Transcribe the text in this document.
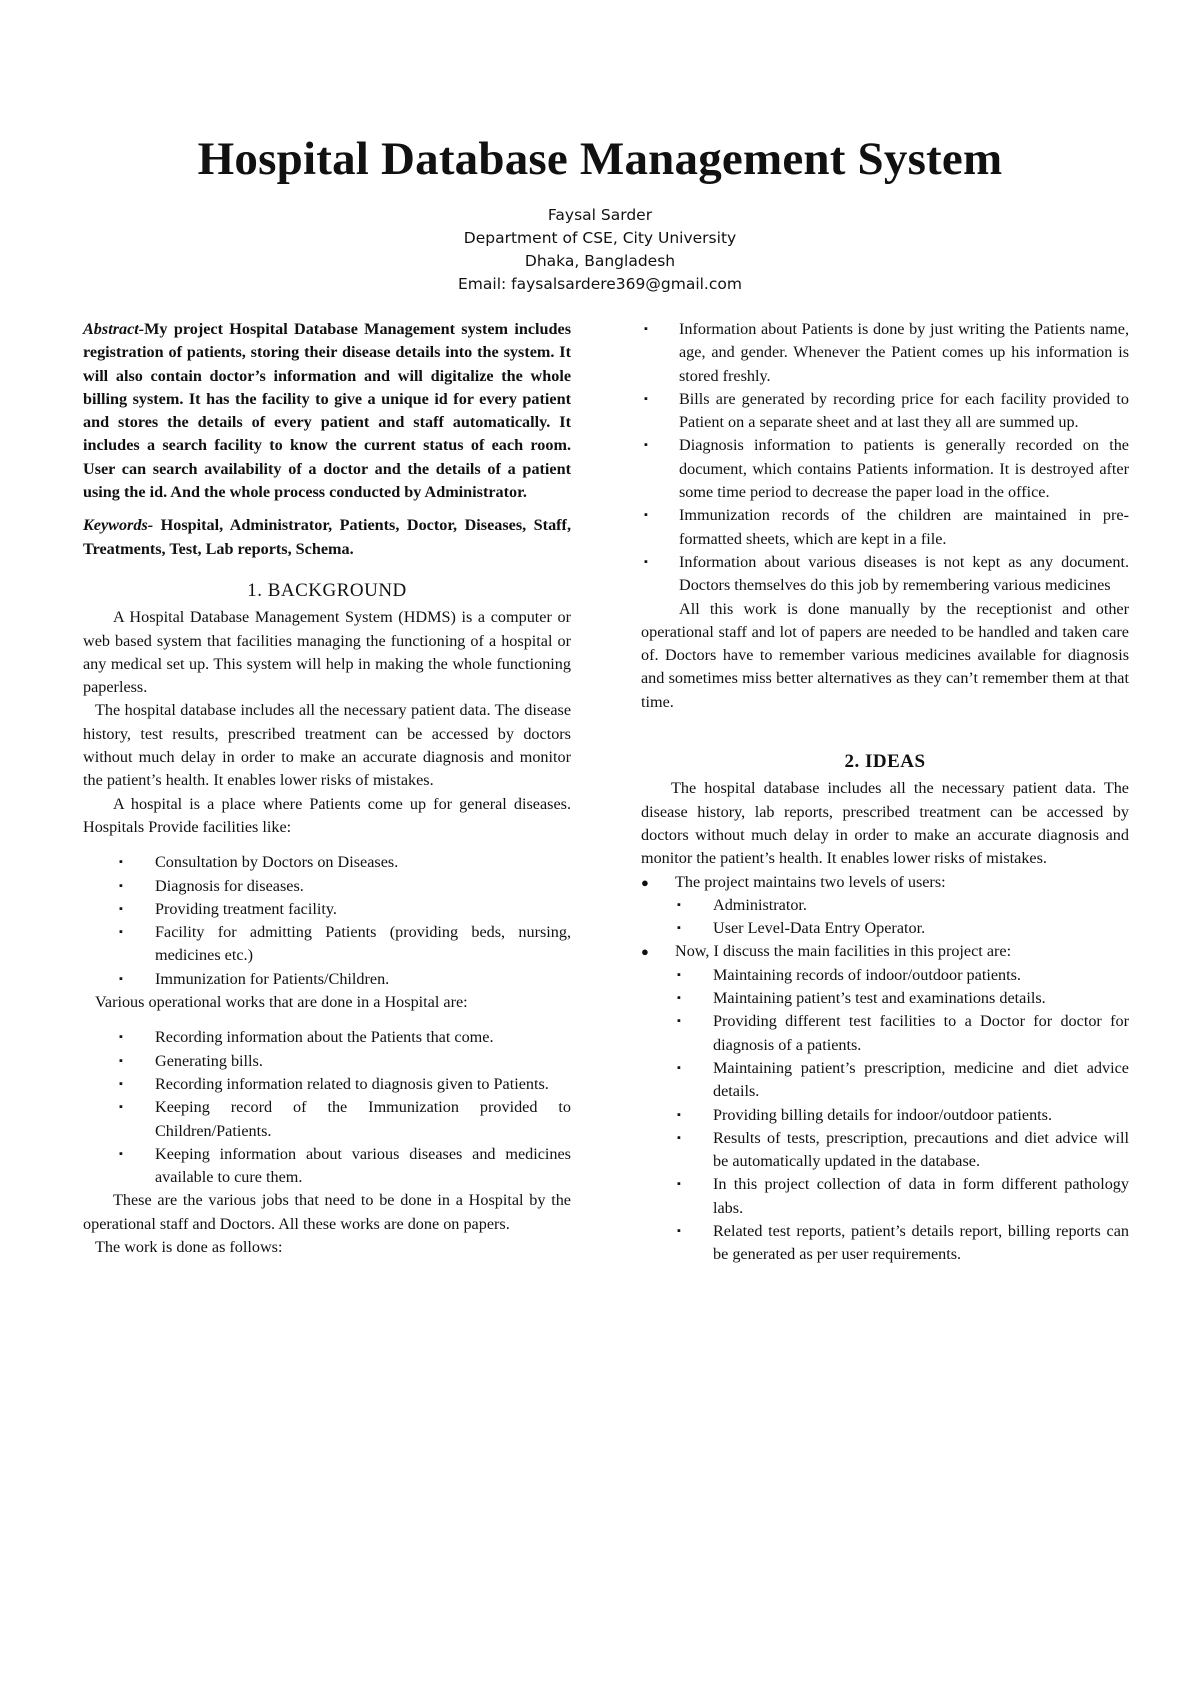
Hospital Database Management System
Faysal Sarder
Department of CSE, City University
Dhaka, Bangladesh
Email: faysalsardere369@gmail.com

Abstract-My project Hospital Database Management system includes registration of patients, storing their disease details into the system. It will also contain doctor’s information and will digitalize the whole billing system. It has the facility to give a unique id for every patient and stores the details of every patient and staff automatically. It includes a search facility to know the current status of each room. User can search availability of a doctor and the details of a patient using the id. And the whole process conducted by Administrator.

Keywords- Hospital, Administrator, Patients, Doctor, Diseases, Staff, Treatments, Test, Lab reports, Schema.

1. BACKGROUND

A Hospital Database Management System (HDMS) is a computer or web based system that facilities managing the functioning of a hospital or any medical set up. This system will help in making the whole functioning paperless.

The hospital database includes all the necessary patient data. The disease history, test results, prescribed treatment can be accessed by doctors without much delay in order to make an accurate diagnosis and monitor the patient’s health. It enables lower risks of mistakes.

A hospital is a place where Patients come up for general diseases. Hospitals Provide facilities like:

▪ Consultation by Doctors on Diseases.
▪ Diagnosis for diseases.
▪ Providing treatment facility.
▪ Facility for admitting Patients (providing beds, nursing, medicines etc.)
▪ Immunization for Patients/Children.

Various operational works that are done in a Hospital are:

▪ Recording information about the Patients that come.
▪ Generating bills.
▪ Recording information related to diagnosis given to Patients.
▪ Keeping record of the Immunization provided to Children/Patients.
▪ Keeping information about various diseases and medicines available to cure them.

These are the various jobs that need to be done in a Hospital by the operational staff and Doctors. All these works are done on papers.

The work is done as follows:

▪ Information about Patients is done by just writing the Patients name, age, and gender. Whenever the Patient comes up his information is stored freshly.
▪ Bills are generated by recording price for each facility provided to Patient on a separate sheet and at last they all are summed up.
▪ Diagnosis information to patients is generally recorded on the document, which contains Patients information. It is destroyed after some time period to decrease the paper load in the office.
▪ Immunization records of the children are maintained in pre-formatted sheets, which are kept in a file.
▪ Information about various diseases is not kept as any document. Doctors themselves do this job by remembering various medicines

All this work is done manually by the receptionist and other operational staff and lot of papers are needed to be handled and taken care of. Doctors have to remember various medicines available for diagnosis and sometimes miss better alternatives as they can’t remember them at that time.

2. IDEAS

The hospital database includes all the necessary patient data. The disease history, lab reports, prescribed treatment can be accessed by doctors without much delay in order to make an accurate diagnosis and monitor the patient’s health. It enables lower risks of mistakes.

● The project maintains two levels of users:
▪ Administrator.
▪ User Level-Data Entry Operator.
● Now, I discuss the main facilities in this project are:
▪ Maintaining records of indoor/outdoor patients.
▪ Maintaining patient’s test and examinations details.
▪ Providing different test facilities to a Doctor for doctor for diagnosis of a patients.
▪ Maintaining patient’s prescription, medicine and diet advice details.
▪ Providing billing details for indoor/outdoor patients.
▪ Results of tests, prescription, precautions and diet advice will be automatically updated in the database.
▪ In this project collection of data in form different pathology labs.
▪ Related test reports, patient’s details report, billing reports can be generated as per user requirements.
